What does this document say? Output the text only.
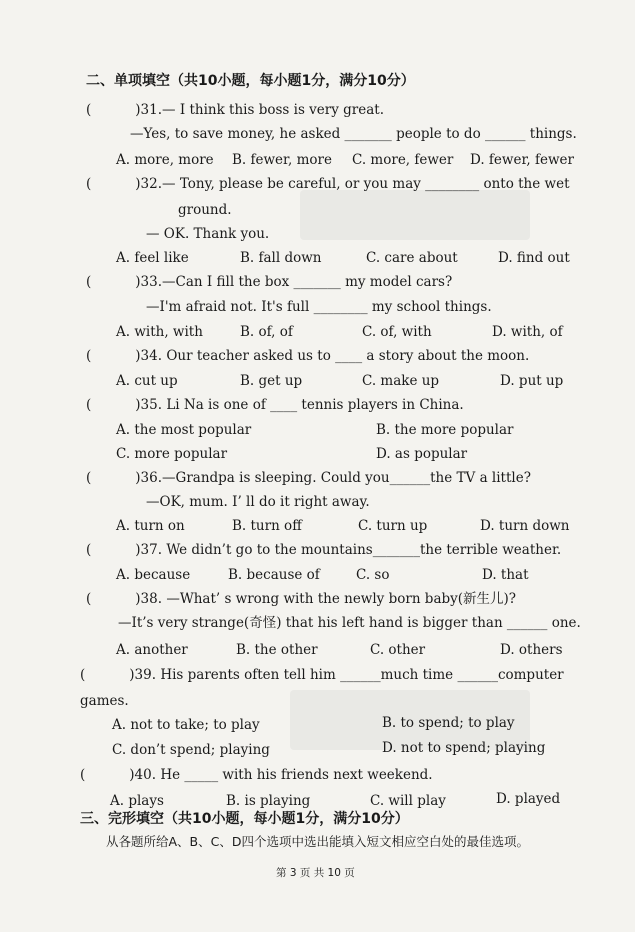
二、单项填空（共10小题，每小题1分，满分10分）
(	)31.— I think this boss is very great.
—Yes, to save money, he asked _______ people to do ______ things.
A. more, more B. fewer, more C. more, fewer D. fewer, fewer
(	)32.— Tony, please be careful, or you may ________ onto the wet
ground.
— OK. Thank you.
A. feel like	B. fall down	C. care about	D. find out
(	)33.—Can I fill the box _______ my model cars?
—I'm afraid not. It's full ________ my school things.
A. with, with	B. of, of	C. of, with	D. with, of
(	)34. Our teacher asked us to ____ a story about the moon.
A. cut up	B. get up	C. make up	D. put up
(	)35. Li Na is one of ____ tennis players in China.
A. the most popular	B. the more popular
C. more popular	D. as popular
(	)36.—Grandpa is sleeping. Could you______the TV a little?
—OK, mum. I’ ll do it right away.
A. turn on	B. turn off	C. turn up	D. turn down
(	)37. We didn’t go to the mountains_______the terrible weather.
A. because	B. because of	C. so	D. that
(	)38. —What’ s wrong with the newly born baby(新生儿)?
—It’s very strange(奇怪) that his left hand is bigger than ______ one.
A. another	B. the other	C. other	D. others
(	)39. His parents often tell him ______much time ______computer
games.
A. not to take; to play	B. to spend; to play
C. don’t spend; playing	D. not to spend; playing
(	)40. He _____ with his friends next weekend.
A. plays	B. is playing	C. will play	D. played
三、完形填空（共10小题，每小题1分，满分10分）
从各题所给A、B、C、D四个选项中选出能填入短文相应空白处的最佳选项。
第 3 页 共 10 页
